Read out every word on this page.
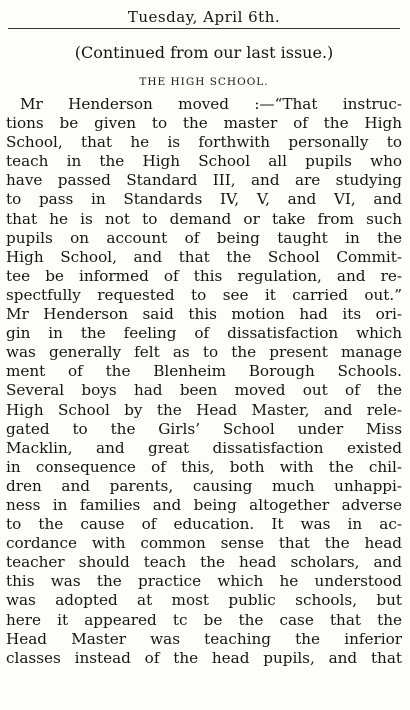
Tuesday, April 6th.
(Continued from our last issue.)
THE HIGH SCHOOL.
Mr Henderson moved :—“That instruc-
tions be given to the master of the High
School, that he is forthwith personally to
teach in the High School all pupils who
have passed Standard III, and are studying
to pass in Standards IV, V, and VI, and
that he is not to demand or take from such
pupils on account of being taught in the
High School, and that the School Commit-
tee be informed of this regulation, and re-
spectfully requested to see it carried out.”
Mr Henderson said this motion had its ori-
gin in the feeling of dissatisfaction which
was generally felt as to the present manage
ment of the Blenheim Borough Schools.
Several boys had been moved out of the
High School by the Head Master, and rele-
gated to the Girls’ School under Miss
Macklin, and great dissatisfaction existed
in consequence of this, both with the chil-
dren and parents, causing much unhappi-
ness in families and being altogether adverse
to the cause of education. It was in ac-
cordance with common sense that the head
teacher should teach the head scholars, and
this was the practice which he understood
was adopted at most public schools, but
here it appeared tc be the case that the
Head Master was teaching the inferior
classes instead of the head pupils, and that
